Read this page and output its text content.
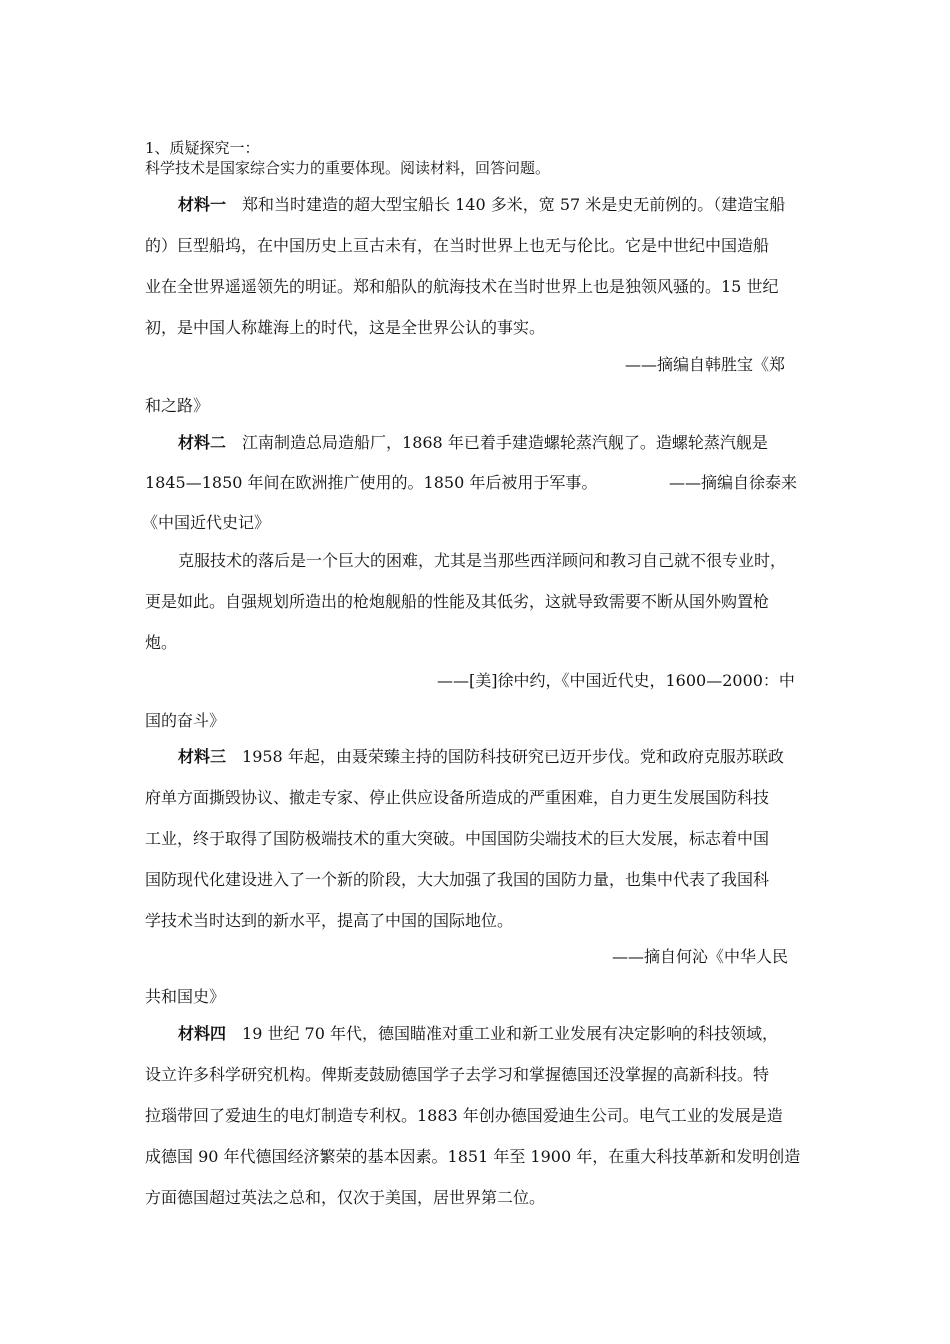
1、质疑探究一：
科学技术是国家综合实力的重要体现。阅读材料，回答问题。
材料一 郑和当时建造的超大型宝船长 140 多米，宽 57 米是史无前例的。（建造宝船
的）巨型船坞，在中国历史上亘古未有，在当时世界上也无与伦比。它是中世纪中国造船
业在全世界遥遥领先的明证。郑和船队的航海技术在当时世界上也是独领风骚的。15 世纪
初，是中国人称雄海上的时代，这是全世界公认的事实。
——摘编自韩胜宝《郑
和之路》
材料二 江南制造总局造船厂，1868 年已着手建造螺轮蒸汽舰了。造螺轮蒸汽舰是
1845—1850 年间在欧洲推广使用的。1850 年后被用于军事。	——摘编自徐泰来
《中国近代史记》
克服技术的落后是一个巨大的困难，尤其是当那些西洋顾问和教习自己就不很专业时，
更是如此。自强规划所造出的枪炮舰船的性能及其低劣，这就导致需要不断从国外购置枪
炮。
——[美]徐中约，《中国近代史，1600—2000：中
国的奋斗》
材料三 1958 年起，由聂荣臻主持的国防科技研究已迈开步伐。党和政府克服苏联政
府单方面撕毁协议、撤走专家、停止供应设备所造成的严重困难，自力更生发展国防科技
工业，终于取得了国防极端技术的重大突破。中国国防尖端技术的巨大发展，标志着中国
国防现代化建设进入了一个新的阶段，大大加强了我国的国防力量，也集中代表了我国科
学技术当时达到的新水平，提高了中国的国际地位。
——摘自何沁《中华人民
共和国史》
材料四 19 世纪 70 年代，德国瞄准对重工业和新工业发展有决定影响的科技领域，
设立许多科学研究机构。俾斯麦鼓励德国学子去学习和掌握德国还没掌握的高新科技。特
拉瑙带回了爱迪生的电灯制造专利权。1883 年创办德国爱迪生公司。电气工业的发展是造
成德国 90 年代德国经济繁荣的基本因素。1851 年至 1900 年，在重大科技革新和发明创造
方面德国超过英法之总和，仅次于美国，居世界第二位。
